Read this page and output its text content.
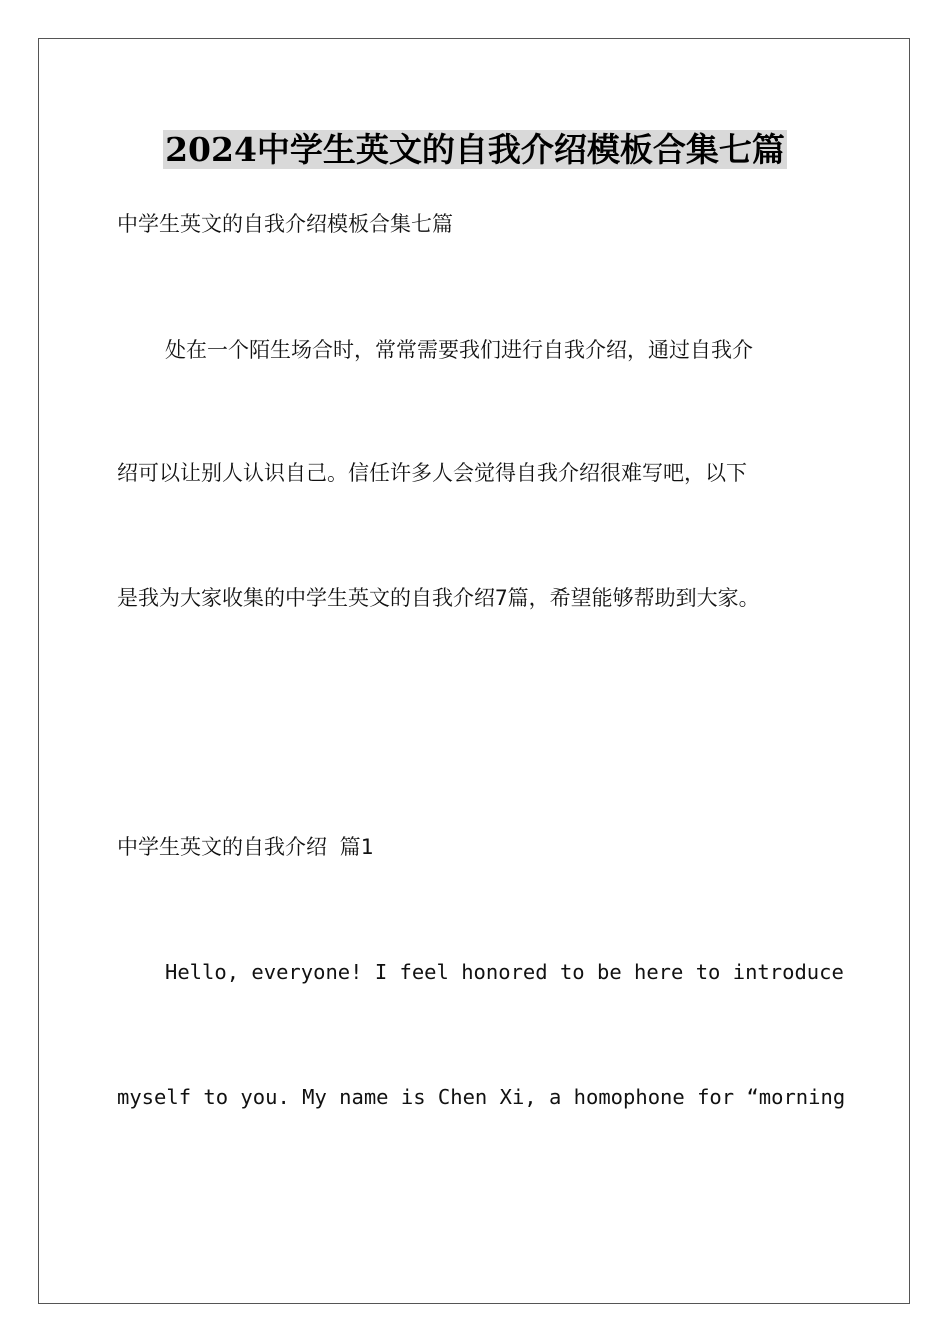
2024中学生英文的自我介绍模板合集七篇
中学生英文的自我介绍模板合集七篇
处在一个陌生场合时，常常需要我们进行自我介绍，通过自我介
绍可以让别人认识自己。信任许多人会觉得自我介绍很难写吧，以下
是我为大家收集的中学生英文的自我介绍7篇，希望能够帮助到大家。
中学生英文的自我介绍 篇1
Hello, everyone! I feel honored to be here to introduce
myself to you. My name is Chen Xi, a homophone for “morning
